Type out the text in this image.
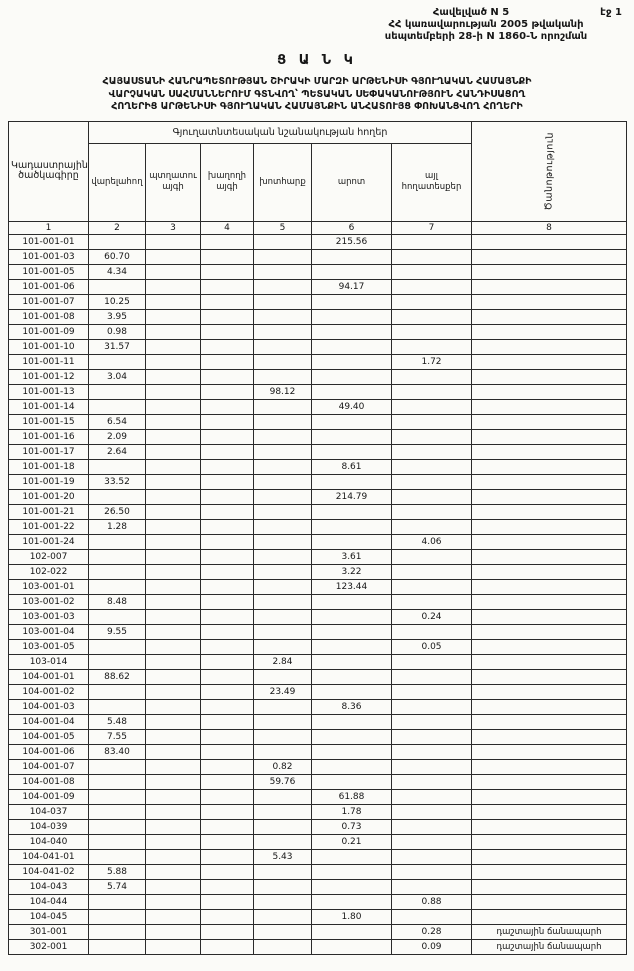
Հավելված N 5	էջ 1
ՀՀ կառավարության 2005 թվականի
սեպտեմբերի 28-ի N 1860-Ն որոշման
Ց Ա Ն Կ
ՀԱՅԱՍՏԱՆԻ ՀԱՆՐԱՊԵՏՈՒԹՅԱՆ ՇԻՐԱԿԻ ՄԱՐԶԻ ԱՐԹԵՆԻՍԻ ԳՅՈՒՂԱԿԱՆ ՀԱՄԱՅՆՔԻ
ՎԱՐՉԱԿԱՆ ՍԱՀՄԱՆՆԵՐՈՒՄ ԳՏՆՎՈՂ՝ ՊԵՏԱԿԱՆ ՍԵՓԱԿԱՆՈՒԹՅՈՒՆ ՀԱՆԴԻՍԱՑՈՂ
ՀՈՂԵՐԻՑ ԱՐԹԵՆԻՍԻ ԳՅՈՒՂԱԿԱՆ ՀԱՄԱՅՆՔԻՆ ԱՆՀԱՏՈՒՅՑ ՓՈԽԱՆՑՎՈՂ ՀՈՂԵՐԻ
Կադաստրային ծածկագիրը	Գյուղատնտեսական նշանակության հողեր						Ծանոթություն

	վարելահող	պտղատու այգի	խաղողի այգի	խոտհարք	արոտ	այլ հողատեսքեր	
1	2	3	4	5	6	7	8
101-001-01					215.56		
101-001-03	60.70						
101-001-05	4.34						
101-001-06					94.17		
101-001-07	10.25						
101-001-08	3.95						
101-001-09	0.98						
101-001-10	31.57						
101-001-11						1.72	
101-001-12	3.04						
101-001-13				98.12			
101-001-14					49.40		
101-001-15	6.54						
101-001-16	2.09						
101-001-17	2.64						
101-001-18					8.61		
101-001-19	33.52						
101-001-20					214.79		
101-001-21	26.50						
101-001-22	1.28						
101-001-24						4.06	
102-007					3.61		
102-022					3.22		
103-001-01					123.44		
103-001-02	8.48						
103-001-03						0.24	
103-001-04	9.55						
103-001-05						0.05	
103-014				2.84			
104-001-01	88.62						
104-001-02				23.49			
104-001-03					8.36		
104-001-04	5.48						
104-001-05	7.55						
104-001-06	83.40						
104-001-07				0.82			
104-001-08				59.76			
104-001-09					61.88		
104-037					1.78		
104-039					0.73		
104-040					0.21		
104-041-01				5.43			
104-041-02	5.88						
104-043	5.74						
104-044						0.88	
104-045					1.80		
301-001						0.28	դաշտային ճանապարհ
302-001						0.09	դաշտային ճանապարհ
